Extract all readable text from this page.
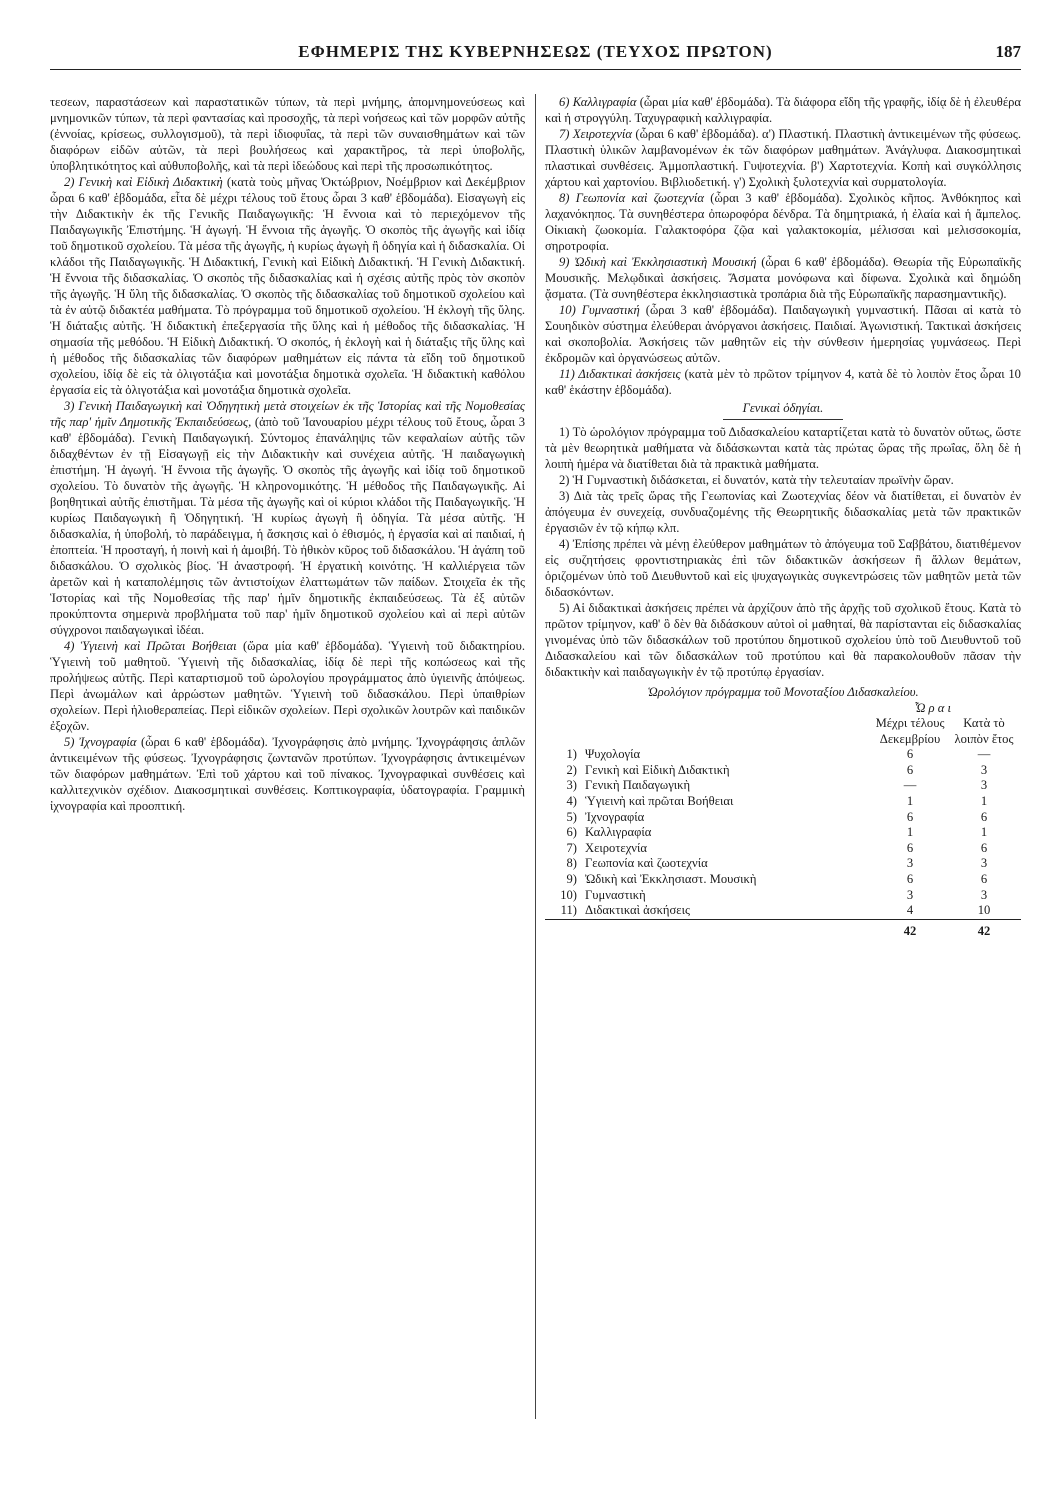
ΕΦΗΜΕΡΙΣ ΤΗΣ ΚΥΒΕΡΝΗΣΕΩΣ (ΤΕΥΧΟΣ ΠΡΩΤΟΝ)	187

τεσεων, παραστάσεων καὶ παραστατικῶν τύπων, τὰ περὶ μνήμης, ἀπομνημονεύσεως καὶ μνημονικῶν τύπων, τὰ περὶ φαντασίας καὶ προσοχῆς, τὰ περὶ νοήσεως καὶ τῶν μορφῶν αὐτῆς (ἐννοίας, κρίσεως, συλλογισμοῦ), τὰ περὶ ἰδιοφυΐας, τὰ περὶ τῶν συναισθημάτων καὶ τῶν διαφόρων εἰδῶν αὐτῶν, τὰ περὶ βουλήσεως καὶ χαρακτῆρος, τὰ περὶ ὑποβολῆς, ὑποβλητικότητος καὶ αὐθυποβολῆς, καὶ τὰ περὶ ἰδεώδους καὶ περὶ τῆς προσωπικότητος.

2) Γενικὴ καὶ Εἰδικὴ Διδακτικὴ (κατὰ τοὺς μῆνας Ὀκτώβριον, Νοέμβριον καὶ Δεκέμβριον ὧραι 6 καθ' ἑβδομάδα, εἶτα δὲ μέχρι τέλους τοῦ ἔτους ὧραι 3 καθ' ἑβδομάδα). Εἰσαγωγὴ εἰς τὴν Διδακτικὴν ἐκ τῆς Γενικῆς Παιδαγωγικῆς: Ἡ ἔννοια καὶ τὸ περιεχόμενον τῆς Παιδαγωγικῆς Ἐπιστήμης. Ἡ ἀγωγή. Ἡ ἔννοια τῆς ἀγωγῆς. Ὁ σκοπὸς τῆς ἀγωγῆς καὶ ἰδίᾳ τοῦ δημοτικοῦ σχολείου. Τὰ μέσα τῆς ἀγωγῆς, ἡ κυρίως ἀγωγὴ ἢ ὁδηγία καὶ ἡ διδασκαλία. Οἱ κλάδοι τῆς Παιδαγωγικῆς. Ἡ Διδακτική, Γενικὴ καὶ Εἰδικὴ Διδακτική. Ἡ Γενικὴ Διδακτική. Ἡ ἔννοια τῆς διδασκαλίας. Ὁ σκοπὸς τῆς διδασκαλίας καὶ ἡ σχέσις αὐτῆς πρὸς τὸν σκοπὸν τῆς ἀγωγῆς. Ἡ ὕλη τῆς διδασκαλίας. Ὁ σκοπὸς τῆς διδασκαλίας τοῦ δημοτικοῦ σχολείου καὶ τὰ ἐν αὐτῷ διδακτέα μαθήματα. Τὸ πρόγραμμα τοῦ δημοτικοῦ σχολείου. Ἡ ἐκλογὴ τῆς ὕλης. Ἡ διάταξις αὐτῆς. Ἡ διδακτικὴ ἐπεξεργασία τῆς ὕλης καὶ ἡ μέθοδος τῆς διδασκαλίας. Ἡ σημασία τῆς μεθόδου. Ἡ Εἰδικὴ Διδακτική. Ὁ σκοπός, ἡ ἐκλογὴ καὶ ἡ διάταξις τῆς ὕλης καὶ ἡ μέθοδος τῆς διδασκαλίας τῶν διαφόρων μαθημάτων εἰς πάντα τὰ εἴδη τοῦ δημοτικοῦ σχολείου, ἰδίᾳ δὲ εἰς τὰ ὀλιγοτάξια καὶ μονοτάξια δημοτικὰ σχολεῖα. Ἡ διδακτικὴ καθόλου ἐργασία εἰς τὰ ὀλιγοτάξια καὶ μονοτάξια δημοτικὰ σχολεῖα.

3) Γενικὴ Παιδαγωγικὴ καὶ Ὁδηγητικὴ μετὰ στοιχείων ἐκ τῆς Ἱστορίας καὶ τῆς Νομοθεσίας τῆς παρ' ἡμῖν Δημοτικῆς Ἐκπαιδεύσεως, (ἀπὸ τοῦ Ἰανουαρίου μέχρι τέλους τοῦ ἔτους, ὧραι 3 καθ' ἑβδομάδα). Γενικὴ Παιδαγωγική. Σύντομος ἐπανάληψις τῶν κεφαλαίων αὐτῆς τῶν διδαχθέντων ἐν τῇ Εἰσαγωγῇ εἰς τὴν Διδακτικὴν καὶ συνέχεια αὐτῆς. Ἡ παιδαγωγικὴ ἐπιστήμη. Ἡ ἀγωγή. Ἡ ἔννοια τῆς ἀγωγῆς. Ὁ σκοπὸς τῆς ἀγωγῆς καὶ ἰδίᾳ τοῦ δημοτικοῦ σχολείου. Τὸ δυνατὸν τῆς ἀγωγῆς. Ἡ κληρονομικότης. Ἡ μέθοδος τῆς Παιδαγωγικῆς. Αἱ βοηθητικαὶ αὐτῆς ἐπιστῆμαι. Τὰ μέσα τῆς ἀγωγῆς καὶ οἱ κύριοι κλάδοι τῆς Παιδαγωγικῆς. Ἡ κυρίως Παιδαγωγικὴ ἢ Ὁδηγητική. Ἡ κυρίως ἀγωγὴ ἢ ὁδηγία. Τὰ μέσα αὐτῆς. Ἡ διδασκαλία, ἡ ὑποβολή, τὸ παράδειγμα, ἡ ἄσκησις καὶ ὁ ἐθισμός, ἡ ἐργασία καὶ αἱ παιδιαί, ἡ ἐποπτεία. Ἡ προσταγή, ἡ ποινὴ καὶ ἡ ἀμοιβή. Τὸ ἠθικὸν κῦρος τοῦ διδασκάλου. Ἡ ἀγάπη τοῦ διδασκάλου. Ὁ σχολικὸς βίος. Ἡ ἀναστροφή. Ἡ ἐργατικὴ κοινότης. Ἡ καλλιέργεια τῶν ἀρετῶν καὶ ἡ καταπολέμησις τῶν ἀντιστοίχων ἐλαττωμάτων τῶν παίδων. Στοιχεῖα ἐκ τῆς Ἱστορίας καὶ τῆς Νομοθεσίας τῆς παρ' ἡμῖν δημοτικῆς ἐκπαιδεύσεως. Τὰ ἐξ αὐτῶν προκύπτοντα σημερινὰ προβλήματα τοῦ παρ' ἡμῖν δημοτικοῦ σχολείου καὶ αἱ περὶ αὐτῶν σύγχρονοι παιδαγωγικαὶ ἰδέαι.

4) Ὑγιεινὴ καὶ Πρῶται Βοήθειαι (ὥρα μία καθ' ἑβδομάδα). Ὑγιεινὴ τοῦ διδακτηρίου. Ὑγιεινὴ τοῦ μαθητοῦ. Ὑγιεινὴ τῆς διδασκαλίας, ἰδίᾳ δὲ περὶ τῆς κοπώσεως καὶ τῆς προλήψεως αὐτῆς. Περὶ καταρτισμοῦ τοῦ ὡρολογίου προγράμματος ἀπὸ ὑγιεινῆς ἀπόψεως. Περὶ ἀνωμάλων καὶ ἀρρώστων μαθητῶν. Ὑγιεινὴ τοῦ διδασκάλου. Περὶ ὑπαιθρίων σχολείων. Περὶ ἡλιοθεραπείας. Περὶ εἰδικῶν σχολείων. Περὶ σχολικῶν λουτρῶν καὶ παιδικῶν ἐξοχῶν.

5) Ἰχνογραφία (ὧραι 6 καθ' ἑβδομάδα). Ἰχνογράφησις ἀπὸ μνήμης. Ἰχνογράφησις ἁπλῶν ἀντικειμένων τῆς φύσεως. Ἰχνογράφησις ζωντανῶν προτύπων. Ἰχνογράφησις ἀντικειμένων τῶν διαφόρων μαθημάτων. Ἐπὶ τοῦ χάρτου καὶ τοῦ πίνακος. Ἰχνογραφικαὶ συνθέσεις καὶ καλλιτεχνικὸν σχέδιον. Διακοσμητικαὶ συνθέσεις. Κοπτικογραφία, ὑδατογραφία. Γραμμικὴ ἰχνογραφία καὶ προοπτική.

6) Καλλιγραφία (ὧραι μία καθ' ἑβδομάδα). Τὰ διάφορα εἴδη τῆς γραφῆς, ἰδίᾳ δὲ ἡ ἐλευθέρα καὶ ἡ στρογγύλη. Ταχυγραφικὴ καλλιγραφία.

7) Χειροτεχνία (ὧραι 6 καθ' ἑβδομάδα). α') Πλαστική. Πλαστικὴ ἀντικειμένων τῆς φύσεως. Πλαστικὴ ὑλικῶν λαμβανομένων ἐκ τῶν διαφόρων μαθημάτων. Ἀνάγλυφα. Διακοσμητικαὶ πλαστικαὶ συνθέσεις. Ἀμμοπλαστική. Γυψοτεχνία. β') Χαρτοτεχνία. Κοπὴ καὶ συγκόλλησις χάρτου καὶ χαρτονίου. Βιβλιοδετική. γ') Σχολικὴ ξυλοτεχνία καὶ συρματολογία.

8) Γεωπονία καὶ ζωοτεχνία (ὧραι 3 καθ' ἑβδομάδα). Σχολικὸς κῆπος. Ἀνθόκηπος καὶ λαχανόκηπος. Τὰ συνηθέστερα ὀπωροφόρα δένδρα. Τὰ δημητριακά, ἡ ἐλαία καὶ ἡ ἄμπελος. Οἰκιακὴ ζωοκομία. Γαλακτοφόρα ζῷα καὶ γαλακτοκομία, μέλισσαι καὶ μελισσοκομία, σηροτροφία.

9) Ὠδικὴ καὶ Ἐκκλησιαστικὴ Μουσική (ὧραι 6 καθ' ἑβδομάδα). Θεωρία τῆς Εὐρωπαϊκῆς Μουσικῆς. Μελῳδικαὶ ἀσκήσεις. Ἄσματα μονόφωνα καὶ δίφωνα. Σχολικὰ καὶ δημώδη ᾄσματα. (Τὰ συνηθέστερα ἐκκλησιαστικὰ τροπάρια διὰ τῆς Εὐρωπαϊκῆς παρασημαντικῆς).

10) Γυμναστική (ὧραι 3 καθ' ἑβδομάδα). Παιδαγωγικὴ γυμναστική. Πᾶσαι αἱ κατὰ τὸ Σουηδικὸν σύστημα ἐλεύθεραι ἀνόργανοι ἀσκήσεις. Παιδιαί. Ἀγωνιστική. Τακτικαὶ ἀσκήσεις καὶ σκοποβολία. Ἀσκήσεις τῶν μαθητῶν εἰς τὴν σύνθεσιν ἡμερησίας γυμνάσεως. Περὶ ἐκδρομῶν καὶ ὀργανώσεως αὐτῶν.

11) Διδακτικαὶ ἀσκήσεις (κατὰ μὲν τὸ πρῶτον τρίμηνον 4, κατὰ δὲ τὸ λοιπὸν ἔτος ὧραι 10 καθ' ἑκάστην ἑβδομάδα).

Γενικαὶ ὁδηγίαι.

1) Τὸ ὡρολόγιον πρόγραμμα τοῦ Διδασκαλείου καταρτίζεται κατὰ τὸ δυνατὸν οὕτως, ὥστε τὰ μὲν θεωρητικὰ μαθήματα νὰ διδάσκωνται κατὰ τὰς πρώτας ὥρας τῆς πρωΐας, ὅλη δὲ ἡ λοιπὴ ἡμέρα νὰ διατίθεται διὰ τὰ πρακτικὰ μαθήματα.

2) Ἡ Γυμναστικὴ διδάσκεται, εἰ δυνατόν, κατὰ τὴν τελευταίαν πρωϊνὴν ὥραν.

3) Διὰ τὰς τρεῖς ὥρας τῆς Γεωπονίας καὶ Ζωοτεχνίας δέον νὰ διατίθεται, εἰ δυνατὸν ἐν ἀπόγευμα ἐν συνεχείᾳ, συνδυαζομένης τῆς Θεωρητικῆς διδασκαλίας μετὰ τῶν πρακτικῶν ἐργασιῶν ἐν τῷ κήπῳ κλπ.

4) Ἐπίσης πρέπει νὰ μένῃ ἐλεύθερον μαθημάτων τὸ ἀπόγευμα τοῦ Σαββάτου, διατιθέμενον εἰς συζητήσεις φροντιστηριακὰς ἐπὶ τῶν διδακτικῶν ἀσκήσεων ἢ ἄλλων θεμάτων, ὁριζομένων ὑπὸ τοῦ Διευθυντοῦ καὶ εἰς ψυχαγωγικὰς συγκεντρώσεις τῶν μαθητῶν μετὰ τῶν διδασκόντων.

5) Αἱ διδακτικαὶ ἀσκήσεις πρέπει νὰ ἀρχίζουν ἀπὸ τῆς ἀρχῆς τοῦ σχολικοῦ ἔτους. Κατὰ τὸ πρῶτον τρίμηνον, καθ' ὃ δὲν θὰ διδάσκουν αὐτοὶ οἱ μαθηταί, θὰ παρίστανται εἰς διδασκαλίας γινομένας ὑπὸ τῶν διδασκάλων τοῦ προτύπου δημοτικοῦ σχολείου ὑπὸ τοῦ Διευθυντοῦ τοῦ Διδασκαλείου καὶ τῶν διδασκάλων τοῦ προτύπου καὶ θὰ παρακολουθοῦν πᾶσαν τὴν διδακτικὴν καὶ παιδαγωγικὴν ἐν τῷ προτύπῳ ἐργασίαν.

Ὡρολόγιον πρόγραμμα τοῦ Μονοταξίου Διδασκαλείου.
Ὧ ρ α ι
		Μέχρι τέλους Δεκεμβρίου	Κατὰ τὸ λοιπὸν ἔτος
1)	Ψυχολογία	6	—
2)	Γενικὴ καὶ Εἰδικὴ Διδακτικὴ	6	3
3)	Γενικὴ Παιδαγωγικὴ	—	3
4)	Ὑγιεινὴ καὶ πρῶται Βοήθειαι	1	1
5)	Ἰχνογραφία	6	6
6)	Καλλιγραφία	1	1
7)	Χειροτεχνία	6	6
8)	Γεωπονία καὶ ζωοτεχνία	3	3
9)	Ὠδικὴ καὶ Ἐκκλησιαστ. Μουσικὴ	6	6
10)	Γυμναστικὴ	3	3
11)	Διδακτικαὶ ἀσκήσεις	4	10
		42	42
